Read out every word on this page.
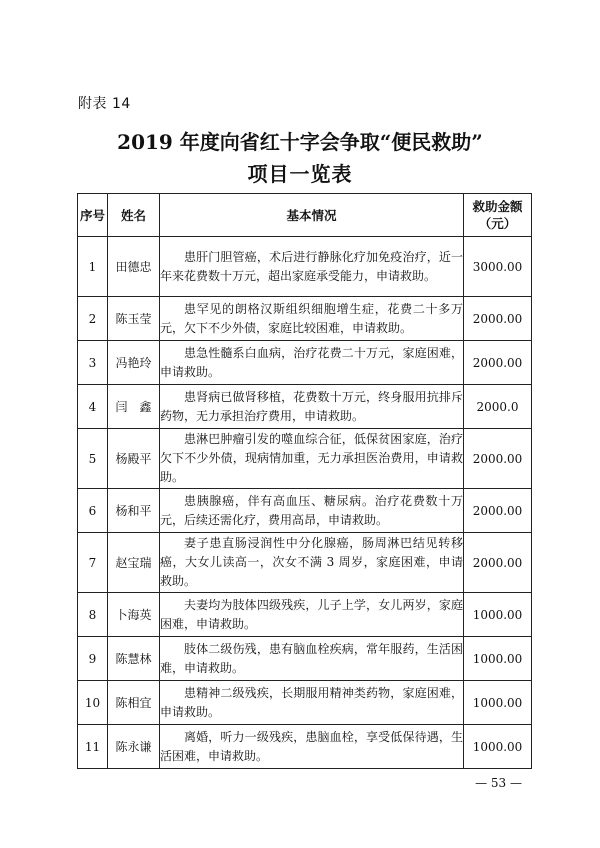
附表 14
2019 年度向省红十字会争取“便民救助”
项目一览表
序号	姓名	基本情况	救助金额（元）
1	田德忠	患肝门胆管癌，术后进行静脉化疗加免疫治疗，近一年来花费数十万元，超出家庭承受能力，申请救助。	3000.00
2	陈玉莹	患罕见的朗格汉斯组织细胞增生症，花费二十多万元，欠下不少外债，家庭比较困难，申请救助。	2000.00
3	冯艳玲	患急性髓系白血病，治疗花费二十万元，家庭困难，申请救助。	2000.00
4	闫　鑫	患肾病已做肾移植，花费数十万元，终身服用抗排斥药物，无力承担治疗费用，申请救助。	2000.0
5	杨殿平	患淋巴肿瘤引发的噬血综合征，低保贫困家庭，治疗欠下不少外债，现病情加重，无力承担医治费用，申请救助。	2000.00
6	杨和平	患胰腺癌，伴有高血压、糖尿病。治疗花费数十万元，后续还需化疗，费用高昂，申请救助。	2000.00
7	赵宝瑞	妻子患直肠浸润性中分化腺癌，肠周淋巴结见转移癌，大女儿读高一，次女不满 3 周岁，家庭困难，申请救助。	2000.00
8	卜海英	夫妻均为肢体四级残疾，儿子上学，女儿两岁，家庭困难，申请救助。	1000.00
9	陈慧林	肢体二级伤残，患有脑血栓疾病，常年服药，生活困难，申请救助。	1000.00
10	陈相宜	患精神二级残疾，长期服用精神类药物，家庭困难，申请救助。	1000.00
11	陈永谦	离婚，听力一级残疾，患脑血栓，享受低保待遇，生活困难，申请救助。	1000.00
— 53 —
